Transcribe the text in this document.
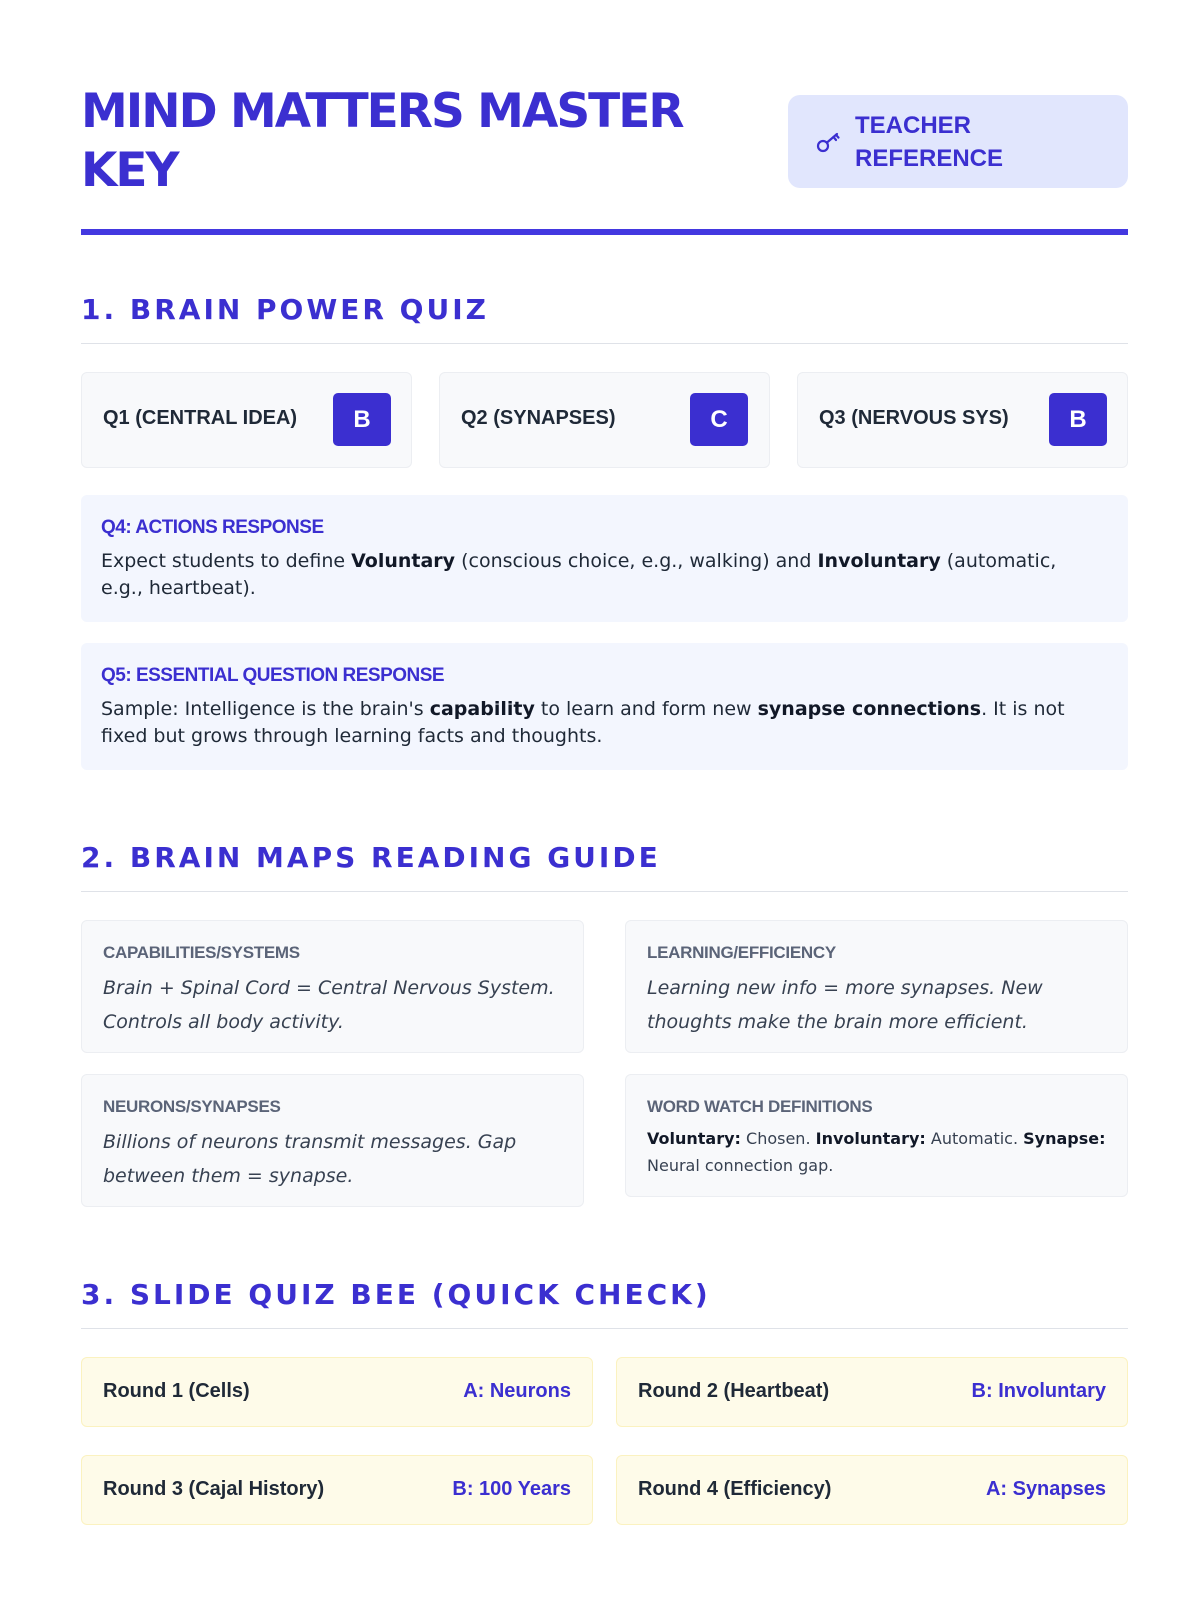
MIND MATTERS MASTER KEY
TEACHER REFERENCE
1. BRAIN POWER QUIZ
Q1 (CENTRAL IDEA)	B	Q2 (SYNAPSES)	C	Q3 (NERVOUS SYS)	B
Q4: ACTIONS RESPONSE
Expect students to define Voluntary (conscious choice, e.g., walking) and Involuntary (automatic, e.g., heartbeat).
Q5: ESSENTIAL QUESTION RESPONSE
Sample: Intelligence is the brain's capability to learn and form new synapse connections. It is not fixed but grows through learning facts and thoughts.
2. BRAIN MAPS READING GUIDE
CAPABILITIES/SYSTEMS
Brain + Spinal Cord = Central Nervous System. Controls all body activity.
LEARNING/EFFICIENCY
Learning new info = more synapses. New thoughts make the brain more efficient.
NEURONS/SYNAPSES
Billions of neurons transmit messages. Gap between them = synapse.
WORD WATCH DEFINITIONS
Voluntary: Chosen. Involuntary: Automatic. Synapse: Neural connection gap.
3. SLIDE QUIZ BEE (QUICK CHECK)
Round 1 (Cells)	A: Neurons	Round 2 (Heartbeat)	B: Involuntary
Round 3 (Cajal History)	B: 100 Years	Round 4 (Efficiency)	A: Synapses
